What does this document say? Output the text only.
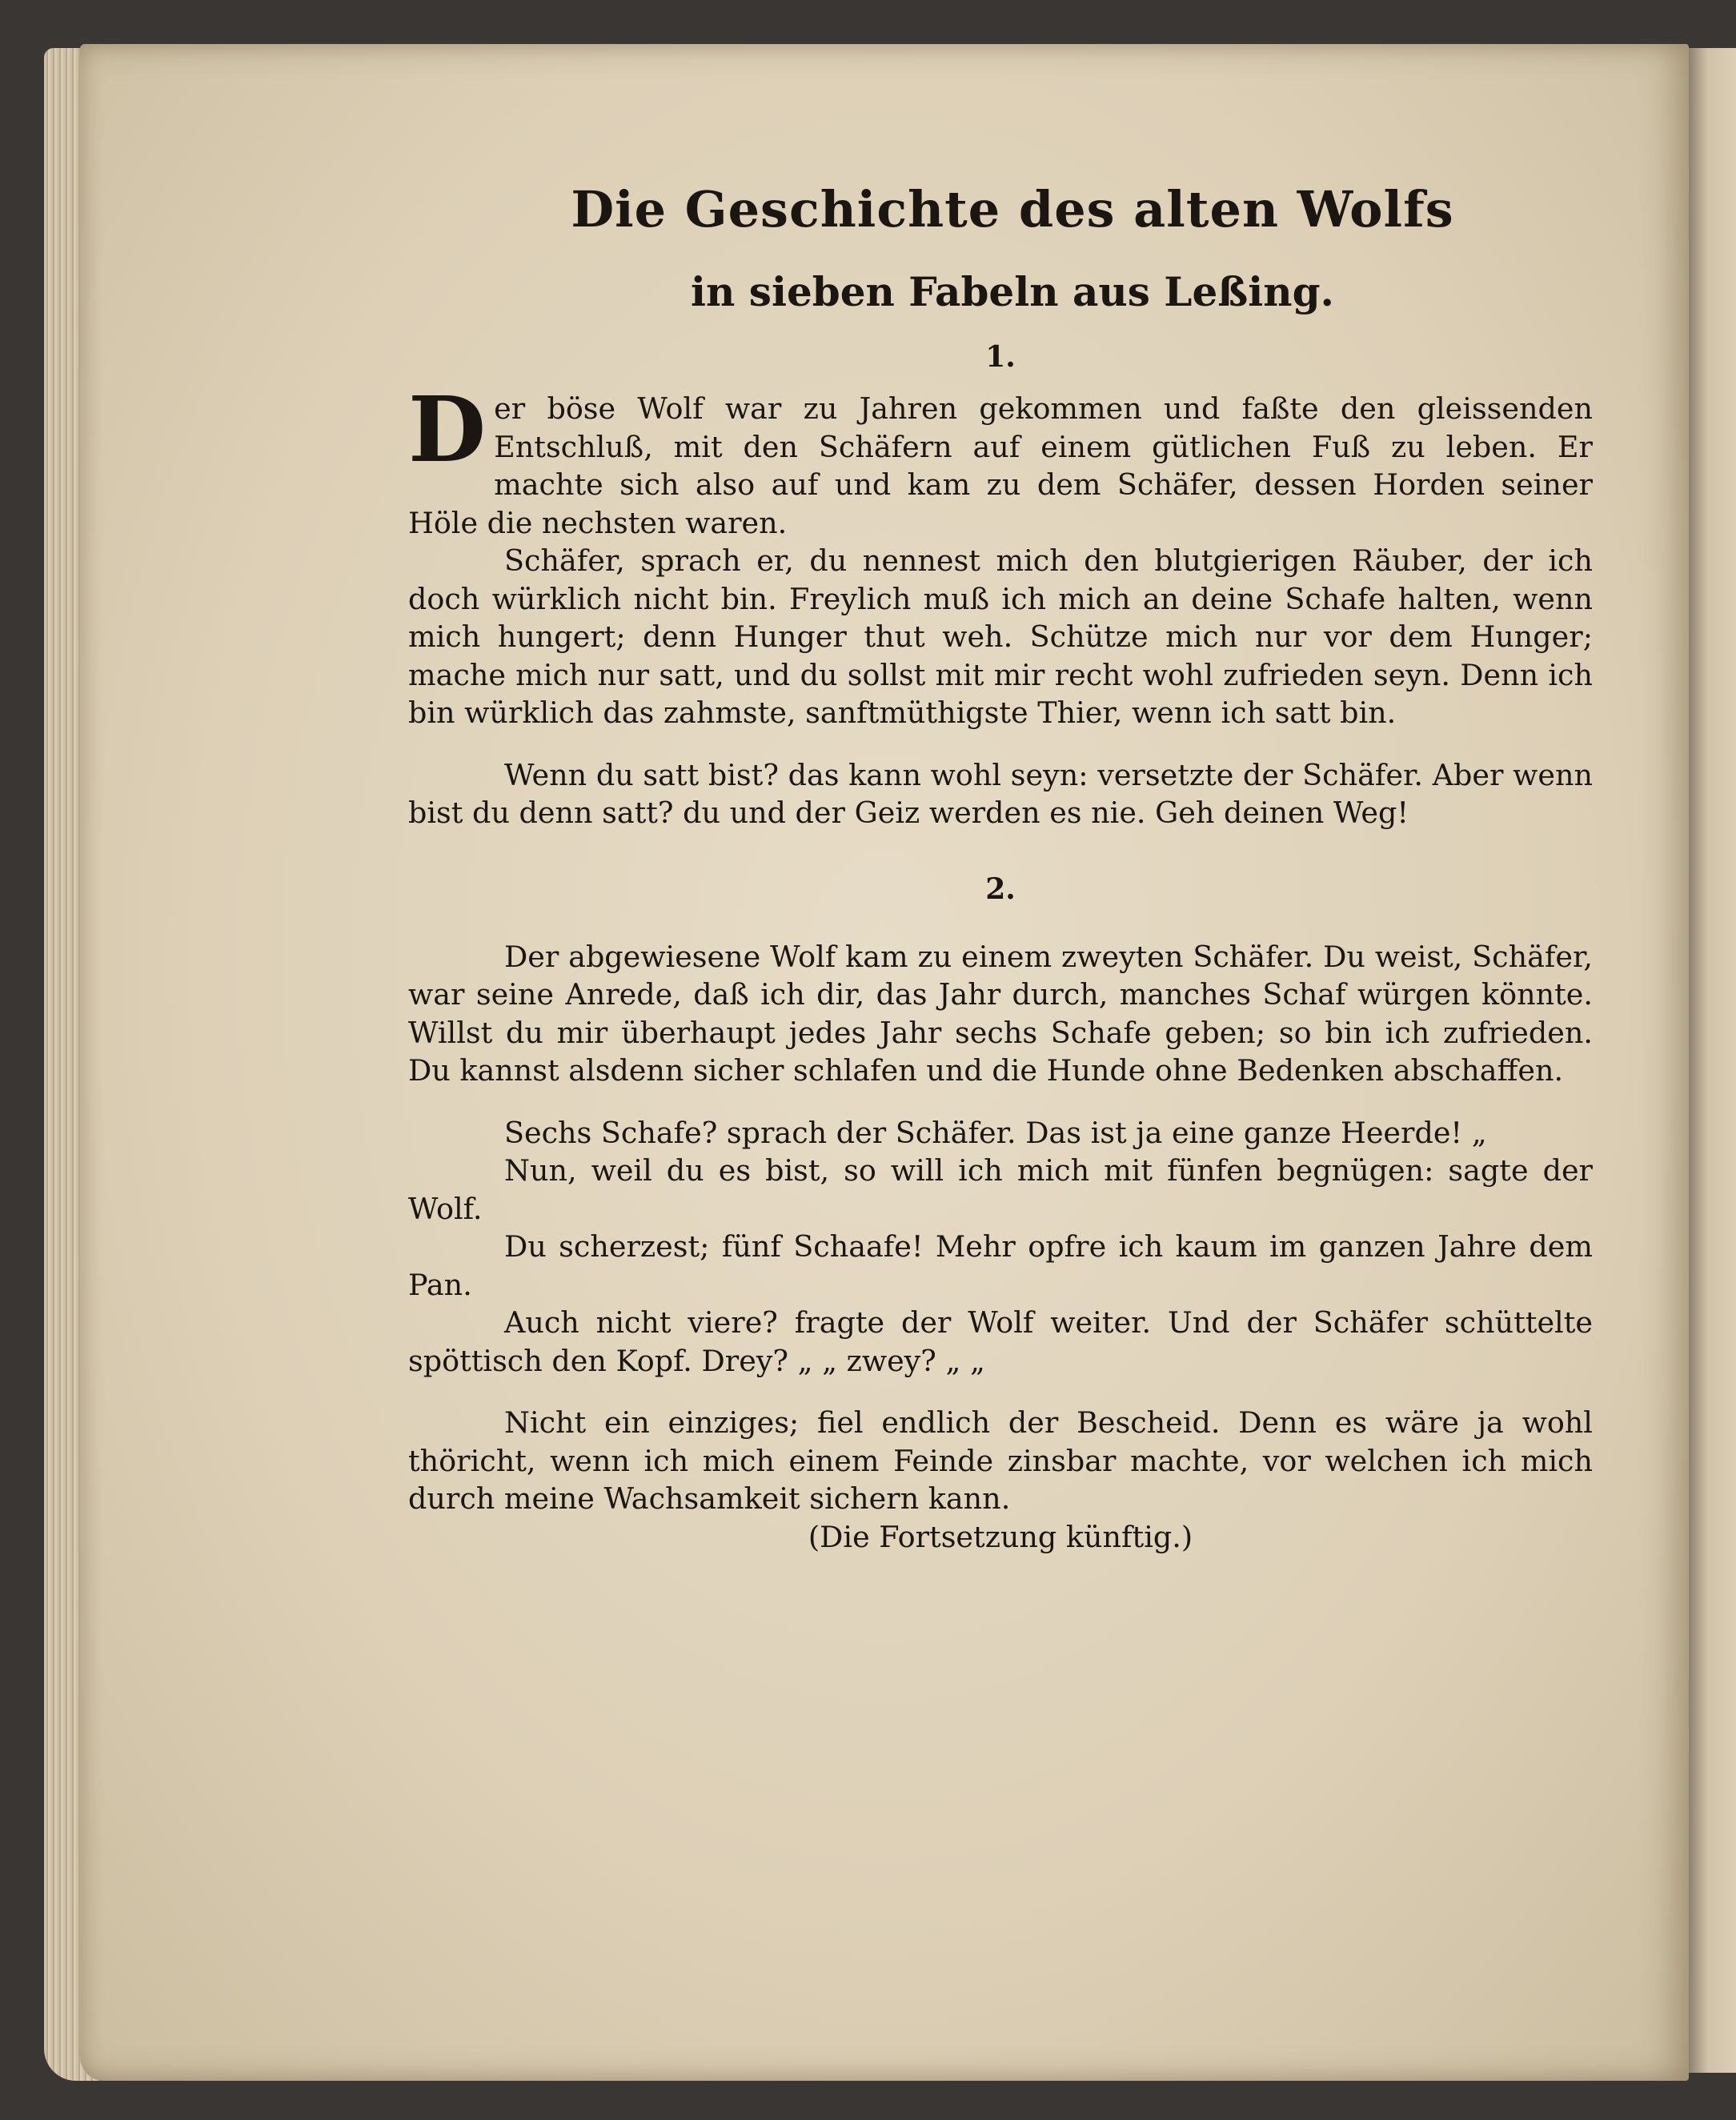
Die Geschichte des alten Wolfs
in sieben Fabeln aus Leßing.
1.

Der böse Wolf war zu Jahren gekommen und faßte den gleissenden Entschluß, mit den Schäfern auf einem gütlichen Fuß zu leben. Er machte sich also auf und kam zu dem Schäfer, dessen Horden seiner Höle die nechsten waren.

Schäfer, sprach er, du nennest mich den blutgierigen Räuber, der ich doch würklich nicht bin. Freylich muß ich mich an deine Schafe halten, wenn mich hungert; denn Hunger thut weh. Schütze mich nur vor dem Hunger; mache mich nur satt, und du sollst mit mir recht wohl zufrieden seyn. Denn ich bin würklich das zahmste, sanftmüthigste Thier, wenn ich satt bin.

Wenn du satt bist? das kann wohl seyn: versetzte der Schäfer. Aber wenn bist du denn satt? du und der Geiz werden es nie. Geh deinen Weg!

2.

Der abgewiesene Wolf kam zu einem zweyten Schäfer. Du weist, Schäfer, war seine Anrede, daß ich dir, das Jahr durch, manches Schaf würgen könnte. Willst du mir überhaupt jedes Jahr sechs Schafe geben; so bin ich zufrieden. Du kannst alsdenn sicher schlafen und die Hunde ohne Bedenken abschaffen.

Sechs Schafe? sprach der Schäfer. Das ist ja eine ganze Heerde! „

Nun, weil du es bist, so will ich mich mit fünfen begnügen: sagte der Wolf.

Du scherzest; fünf Schaafe! Mehr opfre ich kaum im ganzen Jahre dem Pan.

Auch nicht viere? fragte der Wolf weiter. Und der Schäfer schüttelte spöttisch den Kopf. Drey? „ „ zwey? „ „

Nicht ein einziges; fiel endlich der Bescheid. Denn es wäre ja wohl thöricht, wenn ich mich einem Feinde zinsbar machte, vor welchen ich mich durch meine Wachsamkeit sichern kann.

(Die Fortsetzung künftig.)
